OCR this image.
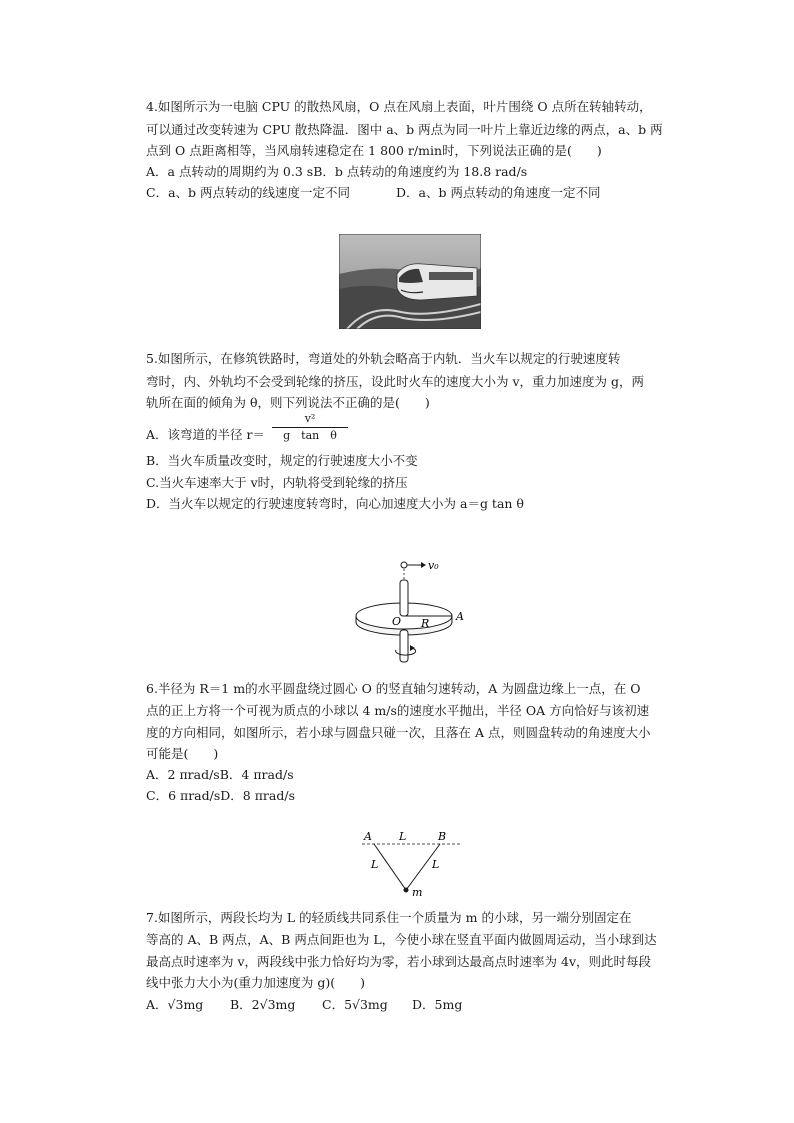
4.如图所示为一电脑 CPU 的散热风扇，O 点在风扇上表面，叶片围绕 O 点所在转轴转动，
可以通过改变转速为 CPU 散热降温．图中 a、b 两点为同一叶片上靠近边缘的两点，a、b 两
点到 O 点距离相等，当风扇转速稳定在 1 800 r/min时，下列说法正确的是(　　)
A．a 点转动的周期约为 0.3 sB．b 点转动的角速度约为 18.8 rad/s
C．a、b 两点转动的线速度一定不同	D．a、b 两点转动的角速度一定不同
5.如图所示，在修筑铁路时，弯道处的外轨会略高于内轨．当火车以规定的行驶速度转
弯时，内、外轨均不会受到轮缘的挤压，设此时火车的速度大小为 v，重力加速度为 g，两
轨所在面的倾角为 θ，则下列说法不正确的是(　　)
A．该弯道的半径 r＝
v²
g　tan　θ
B．当火车质量改变时，规定的行驶速度大小不变
C.当火车速率大于 v时，内轨将受到轮缘的挤压
D．当火车以规定的行驶速度转弯时，向心加速度大小为 a＝g tan θ
v₀
O R
A
6.半径为 R＝1 m的水平圆盘绕过圆心 O 的竖直轴匀速转动，A 为圆盘边缘上一点，在 O
点的正上方将一个可视为质点的小球以 4 m/s的速度水平抛出，半径 OA 方向恰好与该初速
度的方向相同，如图所示，若小球与圆盘只碰一次，且落在 A 点，则圆盘转动的角速度大小
可能是(　　)
A．2 πrad/sB．4 πrad/s
C．6 πrad/sD．8 πrad/s
A L	B
L	L
m
7.如图所示，两段长均为 L 的轻质线共同系住一个质量为 m 的小球，另一端分别固定在
等高的 A、B 两点，A、B 两点间距也为 L，今使小球在竖直平面内做圆周运动，当小球到达
最高点时速率为 v，两段线中张力恰好均为零，若小球到达最高点时速率为 4v，则此时每段
线中张力大小为(重力加速度为 g)(　　)
A．√3mg B．2√3mg C．5√3mg D．5mg
